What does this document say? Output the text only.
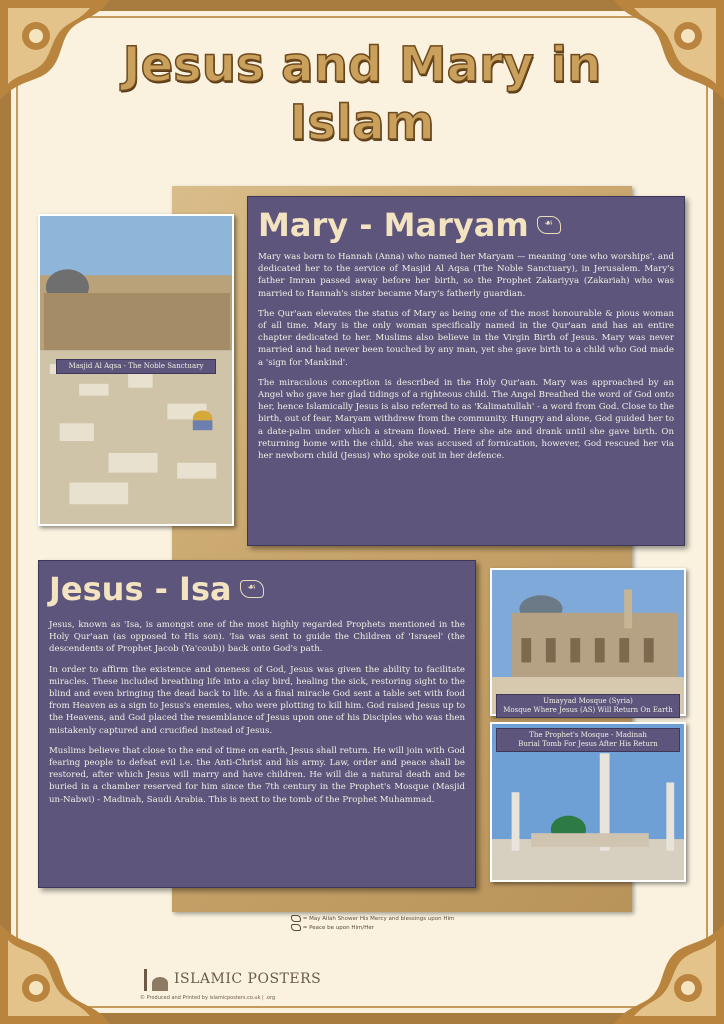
Jesus and Mary in Islam
Masjid Al Aqsa - The Noble Sanctuary
Mary - Maryam	☙

Mary was born to Hannah (Anna) who named her Maryam — meaning 'one who worships', and dedicated her to the service of Masjid Al Aqsa (The Noble Sanctuary), in Jerusalem. Mary's father Imran passed away before her birth, so the Prophet Zakariyya (Zakariah) who was married to Hannah's sister became Mary's fatherly guardian.

The Qur'aan elevates the status of Mary as being one of the most honourable & pious woman of all time. Mary is the only woman specifically named in the Qur'aan and has an entire chapter dedicated to her. Muslims also believe in the Virgin Birth of Jesus. Mary was never married and had never been touched by any man, yet she gave birth to a child who God made a 'sign for Mankind'.

The miraculous conception is described in the Holy Qur'aan. Mary was approached by an Angel who gave her glad tidings of a righteous child. The Angel Breathed the word of God onto her, hence Islamically Jesus is also referred to as 'Kalimatullah' - a word from God. Close to the birth, out of fear, Maryam withdrew from the community. Hungry and alone, God guided her to a date-palm under which a stream flowed. Here she ate and drank until she gave birth. On returning home with the child, she was accused of fornication, however, God rescued her via her newborn child (Jesus) who spoke out in her defence.

Jesus - Isa	☙

Jesus, known as 'Isa, is amongst one of the most highly regarded Prophets mentioned in the Holy Qur'aan (as opposed to His son). 'Isa was sent to guide the Children of 'Israeel' (the descendents of Prophet Jacob (Ya'coub)) back onto God's path.

In order to affirm the existence and oneness of God, Jesus was given the ability to facilitate miracles. These included breathing life into a clay bird, healing the sick, restoring sight to the blind and even bringing the dead back to life. As a final miracle God sent a table set with food from Heaven as a sign to Jesus's enemies, who were plotting to kill him. God raised Jesus up to the Heavens, and God placed the resemblance of Jesus upon one of his Disciples who was then mistakenly captured and crucified instead of Jesus.

Muslims believe that close to the end of time on earth, Jesus shall return. He will join with God fearing people to defeat evil i.e. the Anti-Christ and his army. Law, order and peace shall be restored, after which Jesus will marry and have children. He will die a natural death and be buried in a chamber reserved for him since the 7th century in the Prophet's Mosque (Masjid un-Nabwi) - Madinah, Saudi Arabia. This is next to the tomb of the Prophet Muhammad.

Umayyad Mosque (Syria)
Mosque Where Jesus (AS) Will Return On Earth
The Prophet's Mosque - Madinah
Burial Tomb For Jesus After His Return
= May Allah Shower His Mercy and blessings upon Him
= Peace be upon Him/Her
ISLAMIC POSTERS
© Produced and Printed by islamicposters.co.uk | .org
